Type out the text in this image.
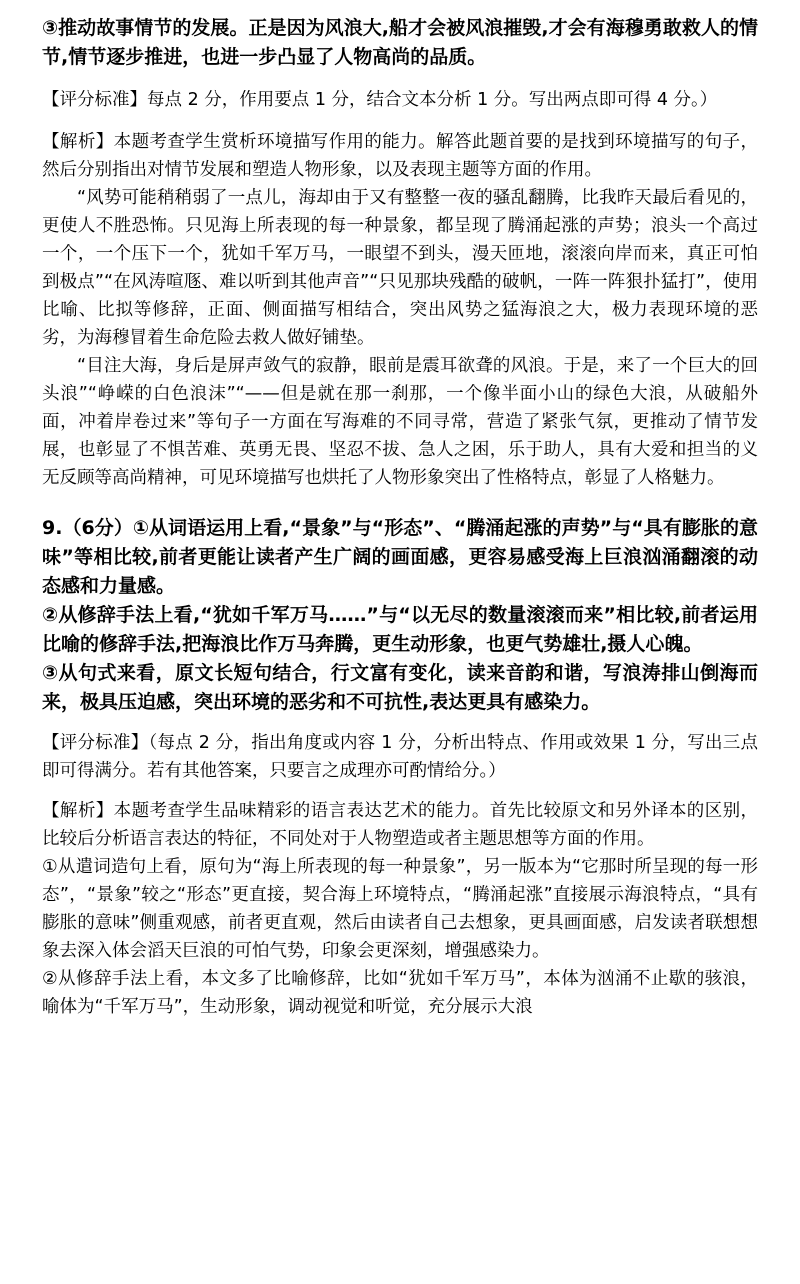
③推动故事情节的发展。正是因为风浪大,船才会被风浪摧毁,才会有海穆勇敢救人的情节,情节逐步推进，也进一步凸显了人物高尚的品质。

【评分标准】每点 2 分，作用要点 1 分，结合文本分析 1 分。写出两点即可得 4 分。）

【解析】本题考查学生赏析环境描写作用的能力。解答此题首要的是找到环境描写的句子，然后分别指出对情节发展和塑造人物形象，以及表现主题等方面的作用。

“风势可能稍稍弱了一点儿，海却由于又有整整一夜的骚乱翻腾，比我昨天最后看见的，更使人不胜恐怖。只见海上所表现的每一种景象，都呈现了腾涌起涨的声势；浪头一个高过一个，一个压下一个，犹如千军万马，一眼望不到头，漫天匝地，滚滚向岸而来，真正可怕到极点”“在风涛喧豗、难以听到其他声音”“只见那块残酷的破帆，一阵一阵狠扑猛打”，使用比喻、比拟等修辞，正面、侧面描写相结合，突出风势之猛海浪之大，极力表现环境的恶劣，为海穆冒着生命危险去救人做好铺垫。

“目注大海，身后是屏声敛气的寂静，眼前是震耳欲聋的风浪。于是，来了一个巨大的回头浪”“峥嵘的白色浪沫”“——但是就在那一刹那，一个像半面小山的绿色大浪，从破船外面，冲着岸卷过来”等句子一方面在写海难的不同寻常，营造了紧张气氛，更推动了情节发展，也彰显了不惧苦难、英勇无畏、坚忍不拔、急人之困，乐于助人，具有大爱和担当的义无反顾等高尚精神，可见环境描写也烘托了人物形象突出了性格特点，彰显了人格魅力。

9.（6分）①从词语运用上看,“景象”与“形态”、“腾涌起涨的声势”与“具有膨胀的意味”等相比较,前者更能让读者产生广阔的画面感，更容易感受海上巨浪汹涌翻滚的动态感和力量感。

②从修辞手法上看,“犹如千军万马……”与“以无尽的数量滚滚而来”相比较,前者运用比喻的修辞手法,把海浪比作万马奔腾，更生动形象，也更气势雄壮,摄人心魄。

③从句式来看，原文长短句结合，行文富有变化，读来音韵和谐，写浪涛排山倒海而来，极具压迫感，突出环境的恶劣和不可抗性,表达更具有感染力。

【评分标准】（每点 2 分，指出角度或内容 1 分，分析出特点、作用或效果 1 分，写出三点即可得满分。若有其他答案，只要言之成理亦可酌情给分。）

【解析】本题考查学生品味精彩的语言表达艺术的能力。首先比较原文和另外译本的区别，比较后分析语言表达的特征，不同处对于人物塑造或者主题思想等方面的作用。

①从遣词造句上看，原句为“海上所表现的每一种景象”，另一版本为“它那时所呈现的每一形态”，“景象”较之“形态”更直接，契合海上环境特点，“腾涌起涨”直接展示海浪特点，“具有膨胀的意味”侧重观感，前者更直观，然后由读者自己去想象，更具画面感，启发读者联想想象去深入体会滔天巨浪的可怕气势，印象会更深刻，增强感染力。

②从修辞手法上看，本文多了比喻修辞，比如“犹如千军万马”，本体为汹涌不止歇的骇浪，喻体为“千军万马”，生动形象，调动视觉和听觉，充分展示大浪
